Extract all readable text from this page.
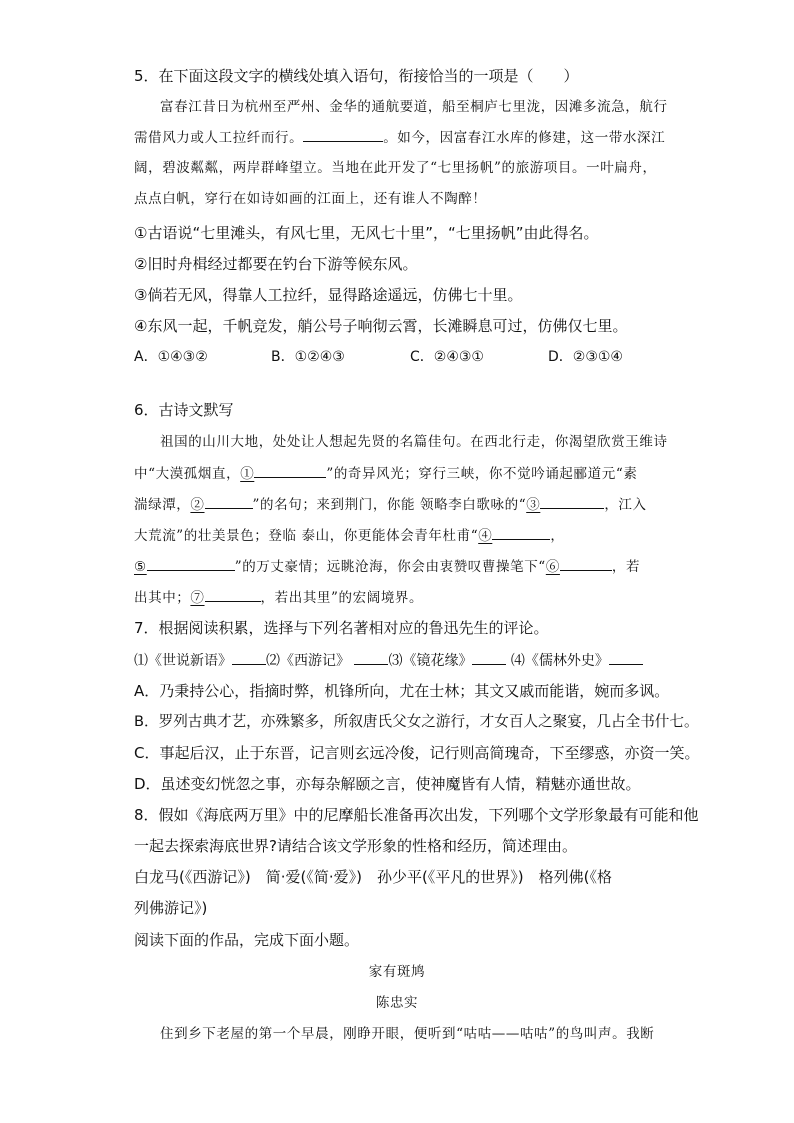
5．在下面这段文字的横线处填入语句，衔接恰当的一项是（　　）
富春江昔日为杭州至严州、金华的通航要道，船至桐庐七里泷，因滩多流急，航行
需借风力或人工拉纤而行。	。如今，因富春江水库的修建，这一带水深江
阔，碧波粼粼，两岸群峰望立。当地在此开发了“七里扬帆”的旅游项目。一叶扁舟，
点点白帆，穿行在如诗如画的江面上，还有谁人不陶醉！
①古语说“七里滩头，有风七里，无风七十里”，“七里扬帆”由此得名。
②旧时舟楫经过都要在钓台下游等候东风。
③倘若无风，得靠人工拉纤，显得路途遥远，仿佛七十里。
④东风一起，千帆竞发，艄公号子响彻云霄，长滩瞬息可过，仿佛仅七里。
A．①④③②	B．①②④③	C．②④③①	D．②③①④
6．古诗文默写
祖国的山川大地，处处让人想起先贤的名篇佳句。在西北行走，你渴望欣赏王维诗
中“大漠孤烟直，①	”的奇异风光；穿行三峡，你不觉吟诵起郦道元“素
湍绿潭，②	”的名句；来到荆门，你能 领略李白歌咏的“③	，江入
大荒流”的壮美景色；登临 泰山，你更能体会青年杜甫“④	，
⑤	”的万丈豪情；远眺沧海，你会由衷赞叹曹操笔下“⑥	，若
出其中；⑦	，若出其里”的宏阔境界。
7．根据阅读积累，选择与下列名著相对应的鲁迅先生的评论。
⑴《世说新语》 ⑵《西游记》	⑶《镜花缘》	⑷《儒林外史》
A．乃秉持公心，指摘时弊，机锋所向，尤在士林；其文又戚而能谐，婉而多讽。
B．罗列古典才艺，亦殊繁多，所叙唐氏父女之游行，才女百人之聚宴，几占全书什七。
C．事起后汉，止于东晋，记言则玄远冷俊，记行则高简瑰奇，下至缪惑，亦资一笑。
D．虽述变幻恍忽之事，亦每杂解颐之言，使神魔皆有人情，精魅亦通世故。
8．假如《海底两万里》中的尼摩船长准备再次出发，下列哪个文学形象最有可能和他
一起去探索海底世界?请结合该文学形象的性格和经历，简述理由。
白龙马(《西游记》)　简·爱(《简·爱》)　孙少平(《平凡的世界》)　格列佛(《格
列佛游记》)
阅读下面的作品，完成下面小题。
家有斑鸠
陈忠实
住到乡下老屋的第一个早晨，刚睁开眼，便听到“咕咕——咕咕”的鸟叫声。我断
